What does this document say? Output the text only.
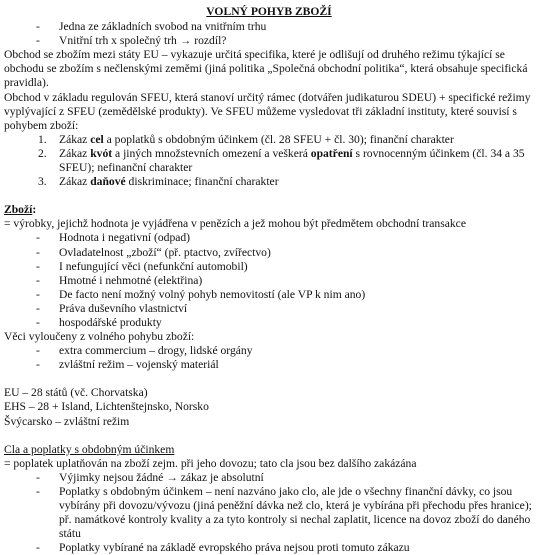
VOLNÝ POHYB ZBOŽÍ
- Jedna ze základních svobod na vnitřním trhu
- Vnitřní trh x společný trh → rozdíl?

Obchod se zbožím mezi státy EU – vykazuje určitá specifika, které je odlišují od druhého režimu týkající se obchodu se zbožím s nečlenskými zeměmi (jiná politika „Společná obchodní politika“, která obsahuje specifická pravidla).

Obchod v základu regulován SFEU, která stanoví určitý rámec (dotvářen judikaturou SDEU) + specifické režimy vyplývající z SFEU (zemědělské produkty). Ve SFEU můžeme vysledovat tři základní instituty, které souvisí s pohybem zboží:

1. Zákaz cel a poplatků s obdobným účinkem (čl. 28 SFEU + čl. 30); finanční charakter
2. Zákaz kvót a jiných množstevních omezení a veškerá opatření s rovnocenným účinkem (čl. 34 a 35 SFEU); nefinanční charakter
3. Zákaz daňové diskriminace; finanční charakter
Zboží:

= výrobky, jejichž hodnota je vyjádřena v penězích a jež mohou být předmětem obchodní transakce

- Hodnota i negativní (odpad)
- Ovladatelnost „zboží“ (př. ptactvo, zvířectvo)
- I nefungující věci (nefunkční automobil)
- Hmotné i nehmotné (elektřina)
- De facto není možný volný pohyb nemovitostí (ale VP k nim ano)
- Práva duševního vlastnictví
- hospodářské produkty

Věci vyloučeny z volného pohybu zboží:

- extra commercium – drogy, lidské orgány
- zvláštní režim – vojenský materiál

EU – 28 států (vč. Chorvatska)

EHS – 28 + Island, Lichtenštejnsko, Norsko

Švýcarsko – zvláštní režim

Cla a poplatky s obdobným účinkem

= poplatek uplatňován na zboží zejm. při jeho dovozu; tato cla jsou bez dalšího zakázána

- Výjimky nejsou žádné → zákaz je absolutní
- Poplatky s obdobným účinkem – není nazváno jako clo, ale jde o všechny finanční dávky, co jsou vybírány při dovozu/vývozu (jiná peněžní dávka než clo, která je vybírána při přechodu přes hranice); př. namátkové kontroly kvality a za tyto kontroly si nechal zaplatit, licence na dovoz zboží do daného státu
- Poplatky vybírané na základě evropského práva nejsou proti tomuto zákazu
